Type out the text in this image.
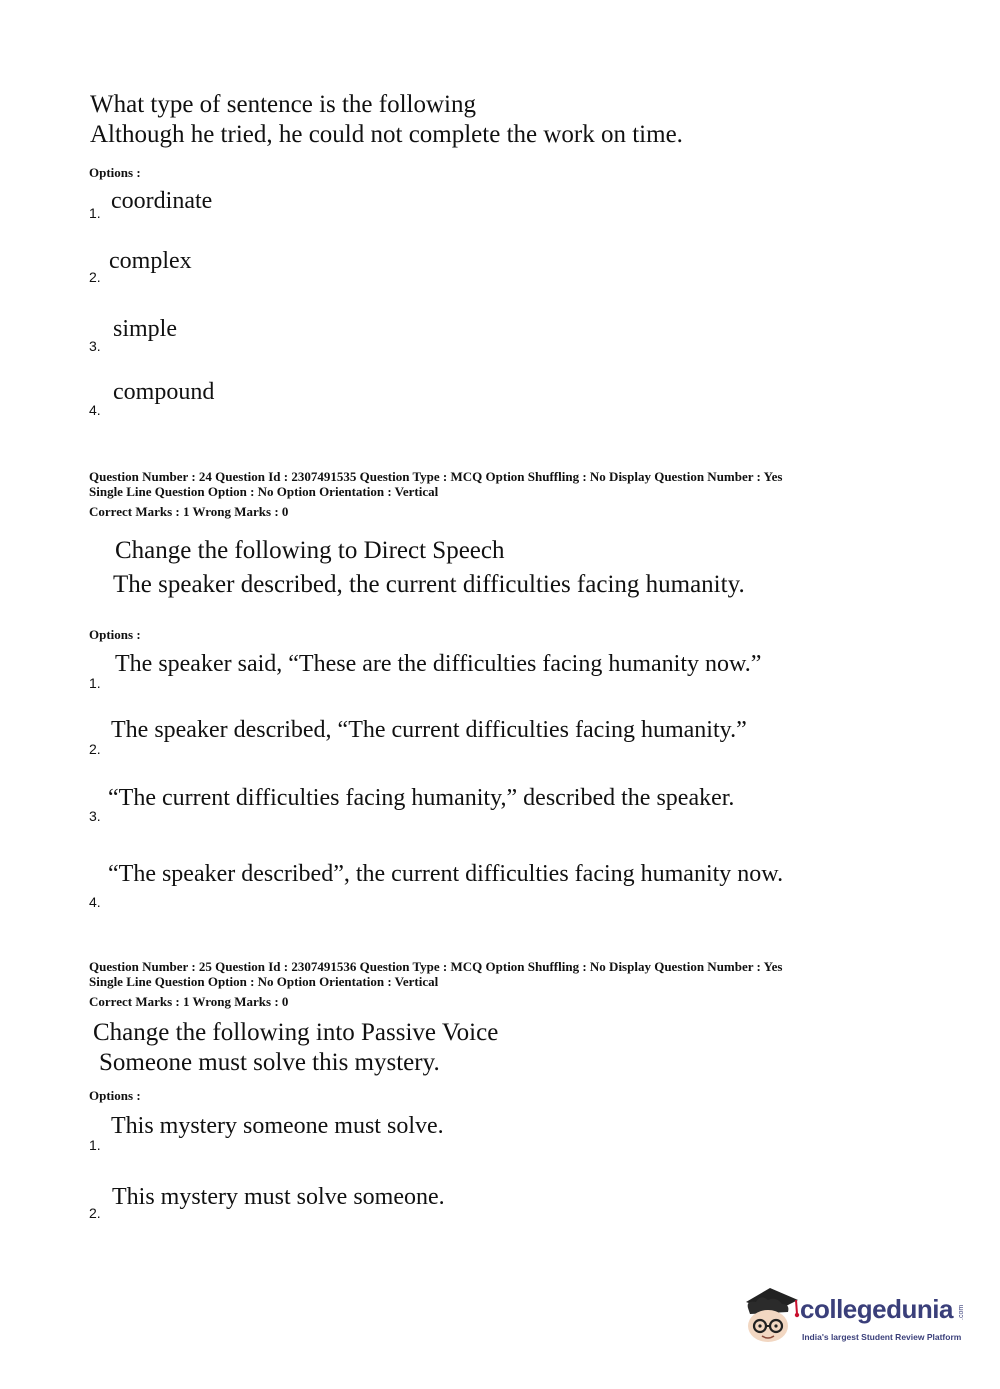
What type of sentence is the following
Although he tried, he could not complete the work on time.
Options :
1. coordinate
2.
complex
3.
simple
4.
compound
Question Number : 24 Question Id : 2307491535 Question Type : MCQ Option Shuffling : No Display Question Number : Yes
Single Line Question Option : No Option Orientation : Vertical
Correct Marks : 1 Wrong Marks : 0
Change the following to Direct Speech
The speaker described, the current difficulties facing humanity.
Options :
1.
The speaker said, “These are the difficulties facing humanity now.”
2.
The speaker described, “The current difficulties facing humanity.”
3.
“The current difficulties facing humanity,” described the speaker.
4.
“The speaker described”, the current difficulties facing humanity now.
Question Number : 25 Question Id : 2307491536 Question Type : MCQ Option Shuffling : No Display Question Number : Yes
Single Line Question Option : No Option Orientation : Vertical
Correct Marks : 1 Wrong Marks : 0
Change the following into Passive Voice
Someone must solve this mystery.
Options :
1.
This mystery someone must solve.
2.
This mystery must solve someone.
collegedunia .com
India's largest Student Review Platform
